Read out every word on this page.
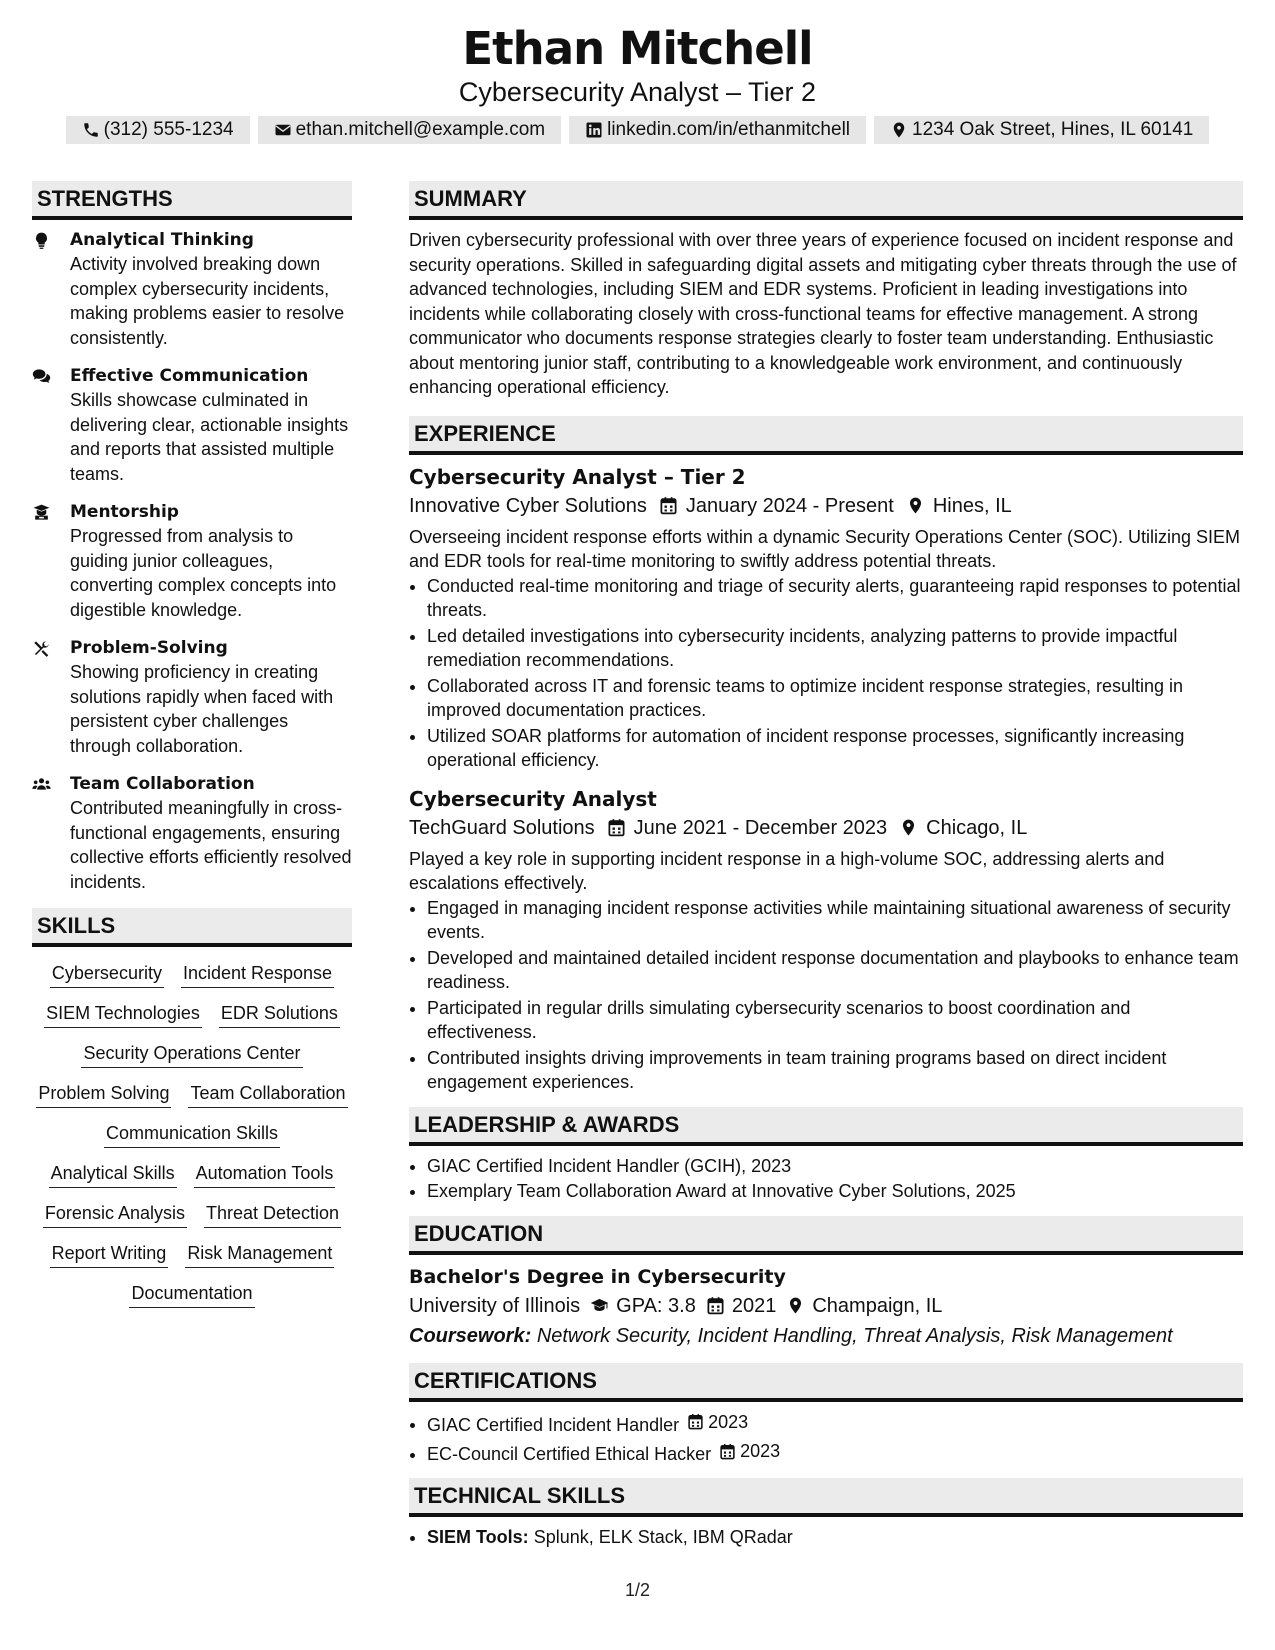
Ethan Mitchell
Cybersecurity Analyst – Tier 2
(312) 555-1234	ethan.mitchell@example.com	linkedin.com/in/ethanmitchell	1234 Oak Street, Hines, IL 60141
STRENGTHS
Analytical Thinking
Activity involved breaking down complex cybersecurity incidents, making problems easier to resolve consistently.
Effective Communication
Skills showcase culminated in delivering clear, actionable insights and reports that assisted multiple teams.
Mentorship
Progressed from analysis to guiding junior colleagues, converting complex concepts into digestible knowledge.
Problem-Solving
Showing proficiency in creating solutions rapidly when faced with persistent cyber challenges through collaboration.
Team Collaboration
Contributed meaningfully in cross-functional engagements, ensuring collective efforts efficiently resolved incidents.
SKILLS
Cybersecurity Incident Response
SIEM Technologies EDR Solutions
Security Operations Center
Problem Solving Team Collaboration
Communication Skills
Analytical Skills Automation Tools
Forensic Analysis Threat Detection
Report Writing Risk Management
Documentation
SUMMARY
Driven cybersecurity professional with over three years of experience focused on incident response and security operations. Skilled in safeguarding digital assets and mitigating cyber threats through the use of advanced technologies, including SIEM and EDR systems. Proficient in leading investigations into incidents while collaborating closely with cross-functional teams for effective management. A strong communicator who documents response strategies clearly to foster team understanding. Enthusiastic about mentoring junior staff, contributing to a knowledgeable work environment, and continuously enhancing operational efficiency.
EXPERIENCE
Cybersecurity Analyst – Tier 2
Innovative Cyber Solutions January 2024 - Present Hines, IL
Overseeing incident response efforts within a dynamic Security Operations Center (SOC). Utilizing SIEM and EDR tools for real-time monitoring to swiftly address potential threats.
• Conducted real-time monitoring and triage of security alerts, guaranteeing rapid responses to potential threats.
• Led detailed investigations into cybersecurity incidents, analyzing patterns to provide impactful remediation recommendations.
• Collaborated across IT and forensic teams to optimize incident response strategies, resulting in improved documentation practices.
• Utilized SOAR platforms for automation of incident response processes, significantly increasing operational efficiency.
Cybersecurity Analyst
TechGuard Solutions June 2021 - December 2023 Chicago, IL
Played a key role in supporting incident response in a high-volume SOC, addressing alerts and escalations effectively.
• Engaged in managing incident response activities while maintaining situational awareness of security events.
• Developed and maintained detailed incident response documentation and playbooks to enhance team readiness.
• Participated in regular drills simulating cybersecurity scenarios to boost coordination and effectiveness.
• Contributed insights driving improvements in team training programs based on direct incident engagement experiences.
LEADERSHIP & AWARDS
• GIAC Certified Incident Handler (GCIH), 2023
• Exemplary Team Collaboration Award at Innovative Cyber Solutions, 2025
EDUCATION
Bachelor's Degree in Cybersecurity
University of Illinois GPA: 3.8 2021 Champaign, IL
Coursework: Network Security, Incident Handling, Threat Analysis, Risk Management
CERTIFICATIONS
• GIAC Certified Incident Handler 2023
• EC-Council Certified Ethical Hacker 2023
TECHNICAL SKILLS
• SIEM Tools: Splunk, ELK Stack, IBM QRadar
1/2
